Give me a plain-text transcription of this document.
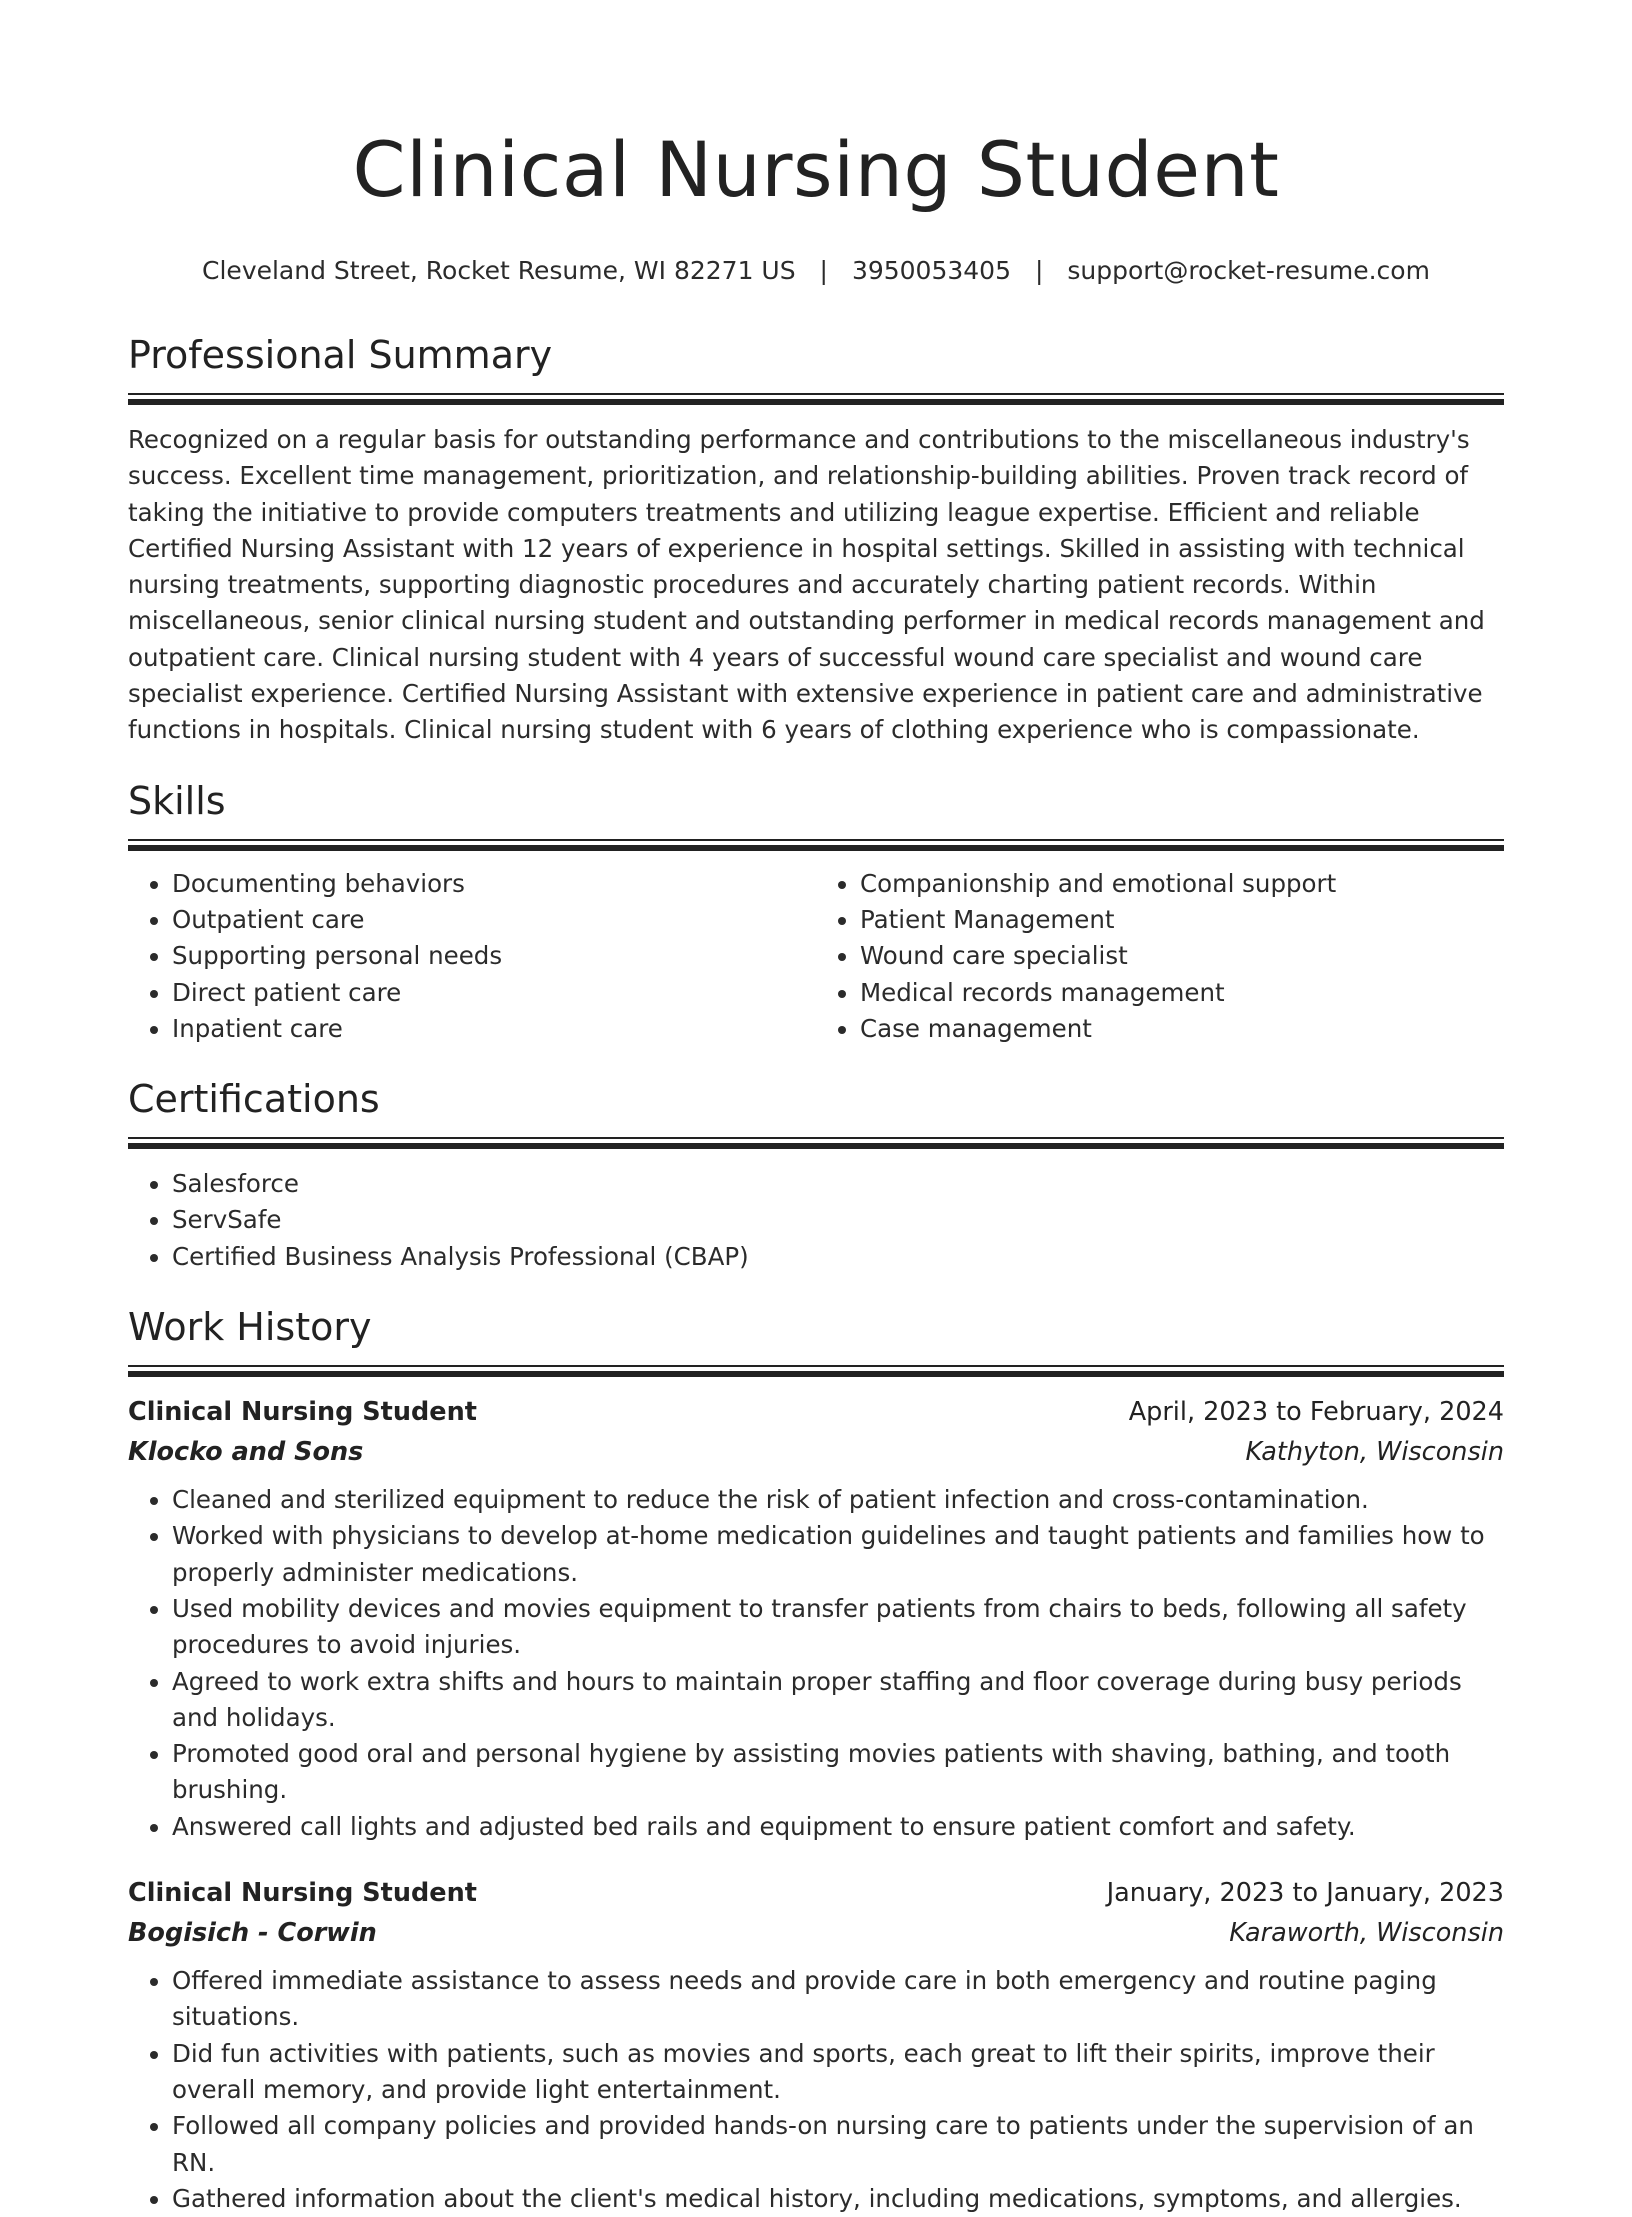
Clinical Nursing Student
Cleveland Street, Rocket Resume, WI 82271 US | 3950053405 | support@rocket-resume.com
Professional Summary
Recognized on a regular basis for outstanding performance and contributions to the miscellaneous industry's success. Excellent time management, prioritization, and relationship-building abilities. Proven track record of taking the initiative to provide computers treatments and utilizing league expertise. Efficient and reliable Certified Nursing Assistant with 12 years of experience in hospital settings. Skilled in assisting with technical nursing treatments, supporting diagnostic procedures and accurately charting patient records. Within miscellaneous, senior clinical nursing student and outstanding performer in medical records management and outpatient care. Clinical nursing student with 4 years of successful wound care specialist and wound care specialist experience. Certified Nursing Assistant with extensive experience in patient care and administrative functions in hospitals. Clinical nursing student with 6 years of clothing experience who is compassionate.
Skills
• Documenting behaviors
• Outpatient care
• Supporting personal needs
• Direct patient care
• Inpatient care
• Companionship and emotional support
• Patient Management
• Wound care specialist
• Medical records management
• Case management
Certifications
• Salesforce
• ServSafe
• Certified Business Analysis Professional (CBAP)
Work History
Clinical Nursing Student	April, 2023 to February, 2024
Klocko and Sons	Kathyton, Wisconsin
• Cleaned and sterilized equipment to reduce the risk of patient infection and cross-contamination.
• Worked with physicians to develop at-home medication guidelines and taught patients and families how to properly administer medications.
• Used mobility devices and movies equipment to transfer patients from chairs to beds, following all safety procedures to avoid injuries.
• Agreed to work extra shifts and hours to maintain proper staffing and floor coverage during busy periods and holidays.
• Promoted good oral and personal hygiene by assisting movies patients with shaving, bathing, and tooth brushing.
• Answered call lights and adjusted bed rails and equipment to ensure patient comfort and safety.
Clinical Nursing Student	January, 2023 to January, 2023
Bogisich - Corwin	Karaworth, Wisconsin
• Offered immediate assistance to assess needs and provide care in both emergency and routine paging situations.
• Did fun activities with patients, such as movies and sports, each great to lift their spirits, improve their overall memory, and provide light entertainment.
• Followed all company policies and provided hands-on nursing care to patients under the supervision of an RN.
• Gathered information about the client's medical history, including medications, symptoms, and allergies.
